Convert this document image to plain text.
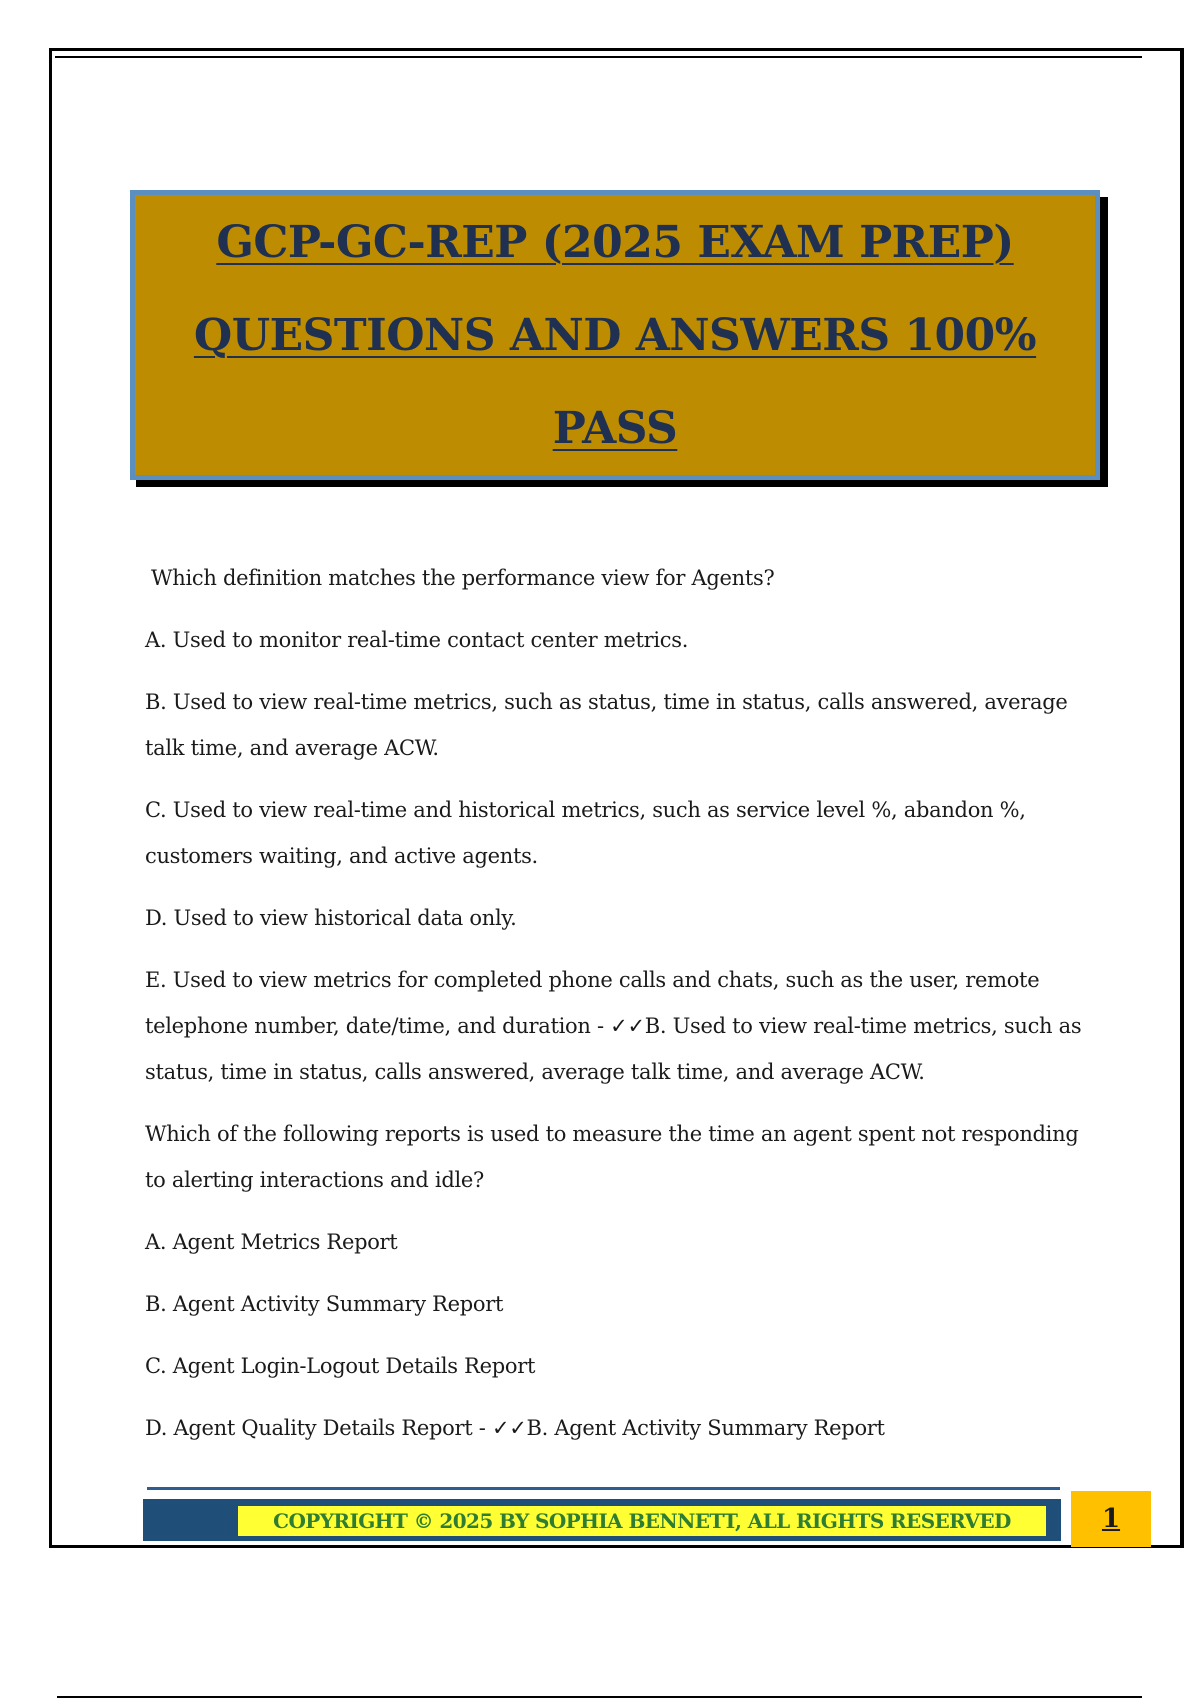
GCP-GC-REP (2025 EXAM PREP)
QUESTIONS AND ANSWERS 100%
PASS

Which definition matches the performance view for Agents?

A. Used to monitor real-time contact center metrics.

B. Used to view real-time metrics, such as status, time in status, calls answered, average talk time, and average ACW.

C. Used to view real-time and historical metrics, such as service level %, abandon %, customers waiting, and active agents.

D. Used to view historical data only.

E. Used to view metrics for completed phone calls and chats, such as the user, remote telephone number, date/time, and duration - ✓✓B. Used to view real-time metrics, such as status, time in status, calls answered, average talk time, and average ACW.

Which of the following reports is used to measure the time an agent spent not responding to alerting interactions and idle?

A. Agent Metrics Report

B. Agent Activity Summary Report

C. Agent Login-Logout Details Report

D. Agent Quality Details Report - ✓✓B. Agent Activity Summary Report

COPYRIGHT © 2025 BY SOPHIA BENNETT, ALL RIGHTS RESERVED	1
